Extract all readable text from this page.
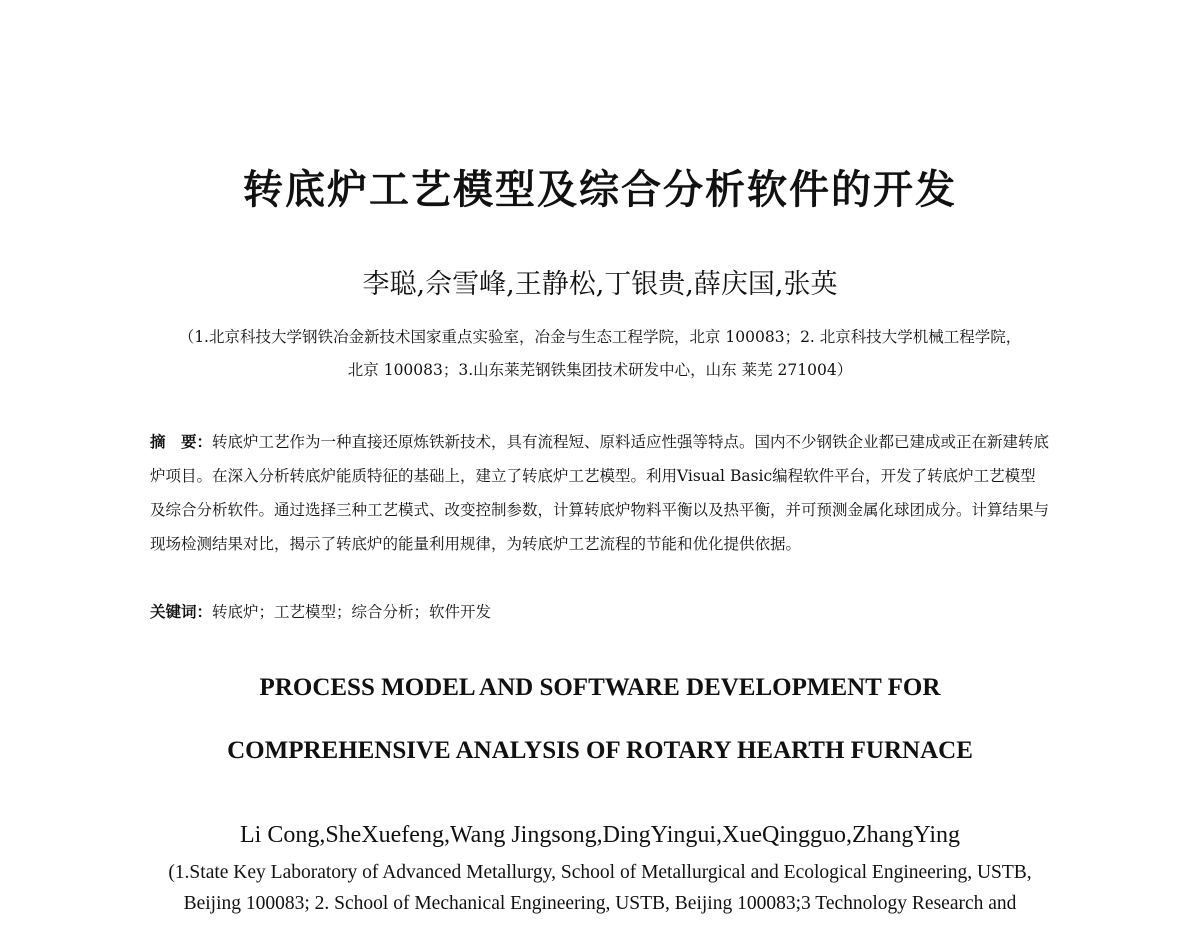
转底炉工艺模型及综合分析软件的开发
李聪,佘雪峰,王静松,丁银贵,薛庆国,张英
（1.北京科技大学钢铁冶金新技术国家重点实验室，冶金与生态工程学院，北京 100083；2. 北京科技大学机械工程学院，
北京 100083；3.山东莱芜钢铁集团技术研发中心，山东 莱芜 271004）
摘　要：转底炉工艺作为一种直接还原炼铁新技术，具有流程短、原料适应性强等特点。国内不少钢铁企业都已建成或正在新建转底炉项目。在深入分析转底炉能质特征的基础上，建立了转底炉工艺模型。利用Visual Basic编程软件平台，开发了转底炉工艺模型及综合分析软件。通过选择三种工艺模式、改变控制参数，计算转底炉物料平衡以及热平衡，并可预测金属化球团成分。计算结果与现场检测结果对比，揭示了转底炉的能量利用规律，为转底炉工艺流程的节能和优化提供依据。
关键词：转底炉；工艺模型；综合分析；软件开发
PROCESS MODEL AND SOFTWARE DEVELOPMENT FOR
COMPREHENSIVE ANALYSIS OF ROTARY HEARTH FURNACE
Li Cong,SheXuefeng,Wang Jingsong,DingYingui,XueQingguo,ZhangYing
(1.State Key Laboratory of Advanced Metallurgy, School of Metallurgical and Ecological Engineering, USTB,
Beijing 100083; 2. School of Mechanical Engineering, USTB, Beijing 100083;3 Technology Research and
